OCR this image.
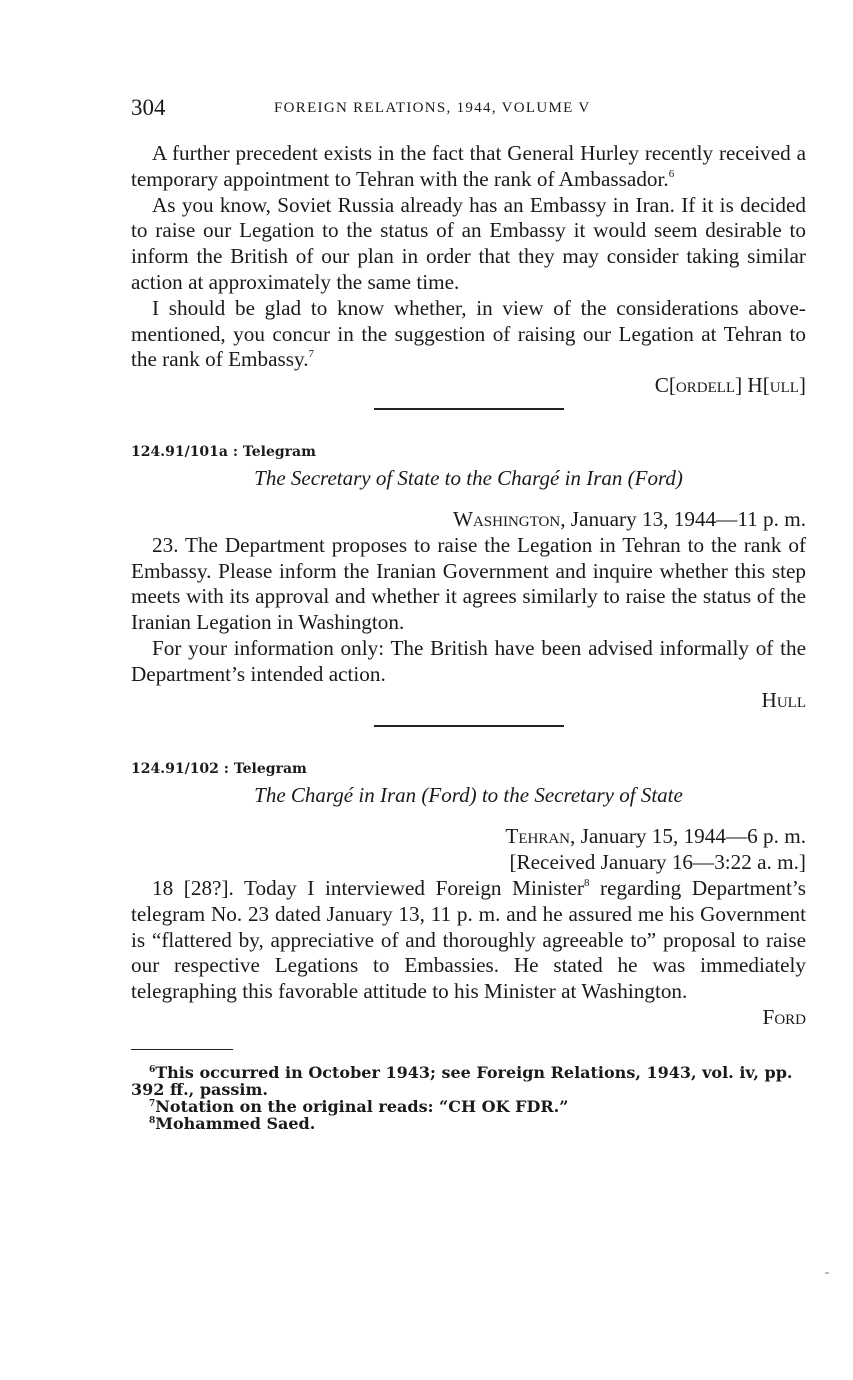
304	FOREIGN RELATIONS, 1944, VOLUME V

A further precedent exists in the fact that General Hurley recently received a temporary appointment to Tehran with the rank of Ambassador.$^6$

As you know, Soviet Russia already has an Embassy in Iran. If it is decided to raise our Legation to the status of an Embassy it would seem desirable to inform the British of our plan in order that they may consider taking similar action at approximately the same time.

I should be glad to know whether, in view of the considerations above-mentioned, you concur in the suggestion of raising our Legation at Tehran to the rank of Embassy.$^7$

C[ordell] H[ull]
124.91/101a : Telegram
The Secretary of State to the Chargé in Iran (Ford)
Washington, January 13, 1944—11 p. m.

23. The Department proposes to raise the Legation in Tehran to the rank of Embassy. Please inform the Iranian Government and inquire whether this step meets with its approval and whether it agrees similarly to raise the status of the Iranian Legation in Washington.

For your information only: The British have been advised informally of the Department’s intended action.

Hull
124.91/102 : Telegram
The Chargé in Iran (Ford) to the Secretary of State
Tehran, January 15, 1944—6 p. m.
[Received January 16—3:22 a. m.]

18 [28?]. Today I interviewed Foreign Minister$^8$ regarding Department’s telegram No. 23 dated January 13, 11 p. m. and he assured me his Government is “flattered by, appreciative of and thoroughly agreeable to” proposal to raise our respective Legations to Embassies. He stated he was immediately telegraphing this favorable attitude to his Minister at Washington.

Ford

$^6$This occurred in October 1943; see Foreign Relations, 1943, vol. iv, pp. 392 ff., passim.

$^7$Notation on the original reads: “CH OK FDR.”

$^8$Mohammed Saed.
